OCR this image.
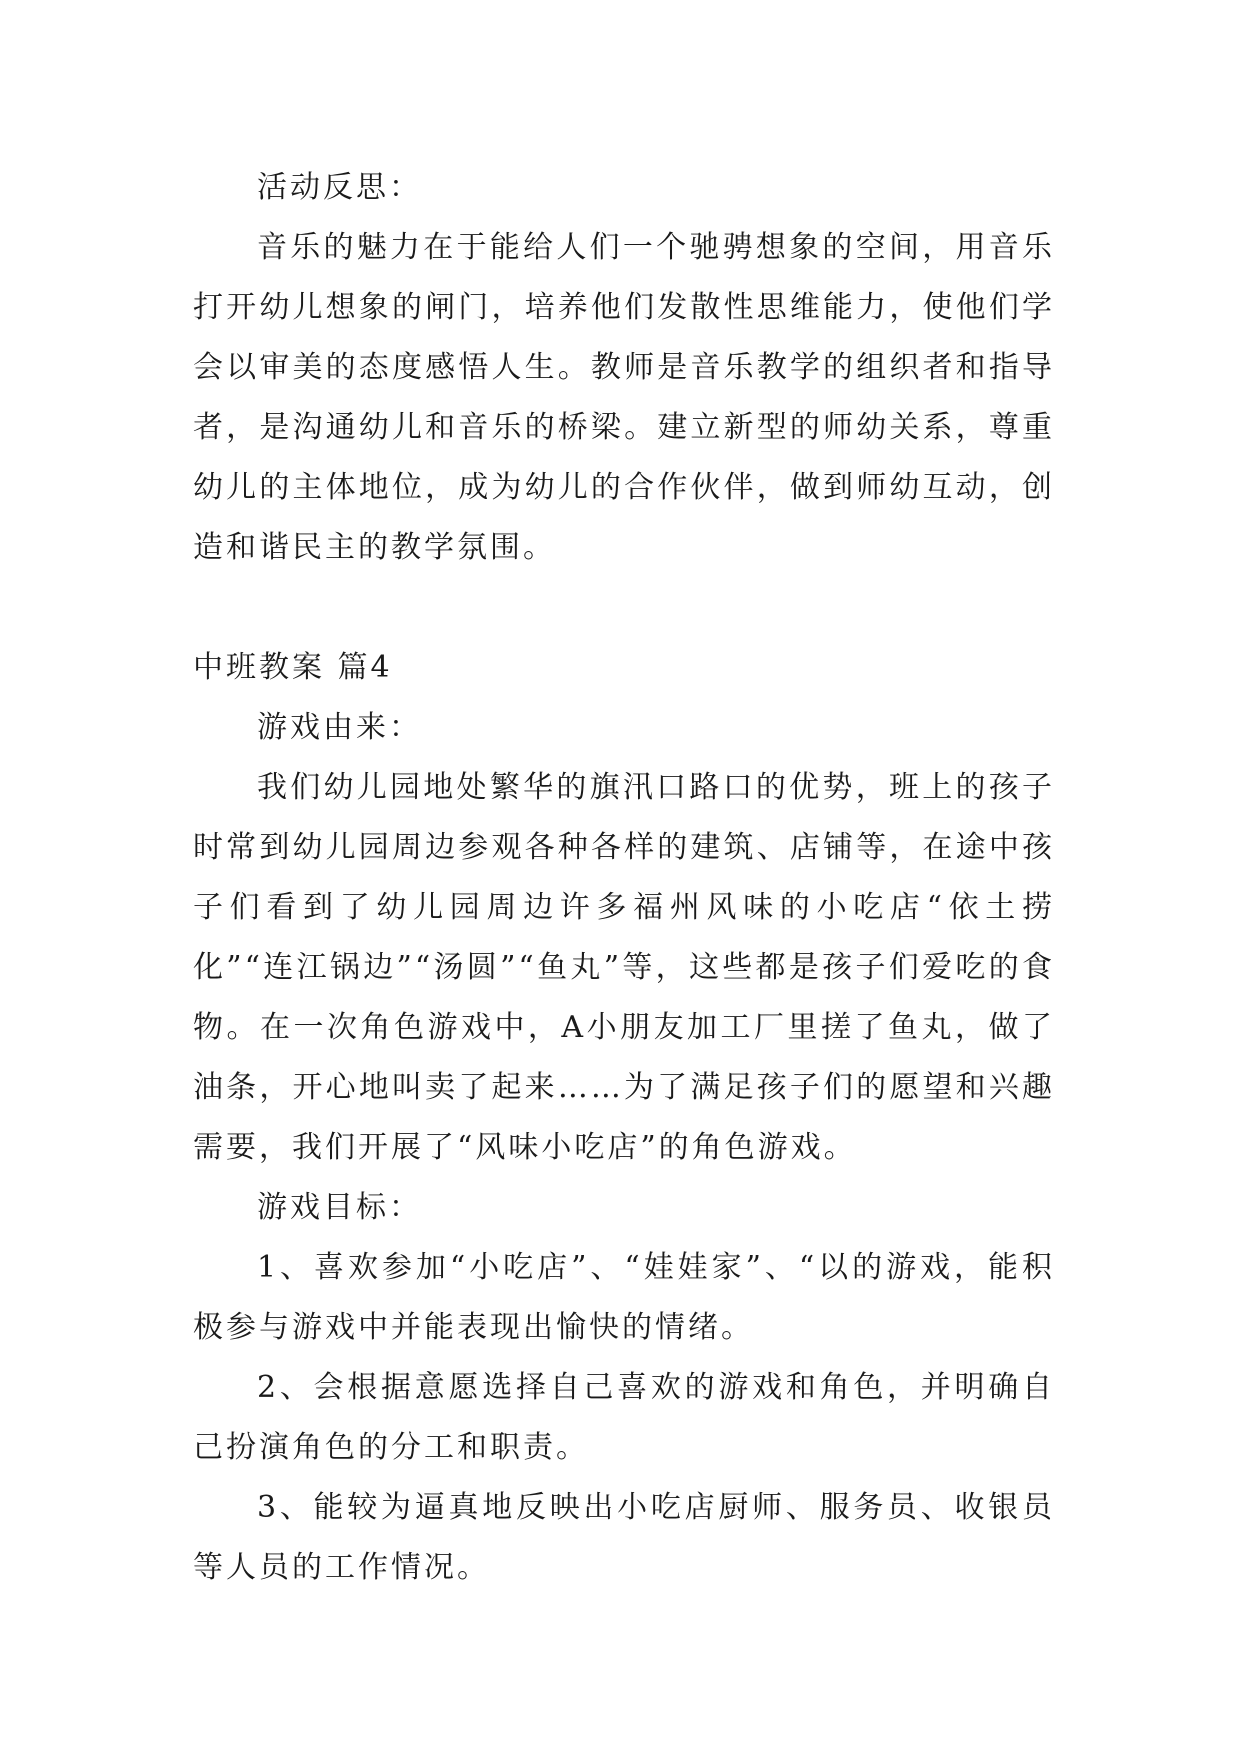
活动反思：

音乐的魅力在于能给人们一个驰骋想象的空间，用音乐打开幼儿想象的闸门，培养他们发散性思维能力，使他们学会以审美的态度感悟人生。教师是音乐教学的组织者和指导者，是沟通幼儿和音乐的桥梁。建立新型的师幼关系，尊重幼儿的主体地位，成为幼儿的合作伙伴，做到师幼互动，创造和谐民主的教学氛围。

中班教案 篇4

游戏由来：

我们幼儿园地处繁华的旗汛口路口的优势，班上的孩子时常到幼儿园周边参观各种各样的建筑、店铺等，在途中孩子们看到了幼儿园周边许多福州风味的小吃店“依土捞化”“连江锅边”“汤圆”“鱼丸”等，这些都是孩子们爱吃的食物。在一次角色游戏中，A小朋友加工厂里搓了鱼丸，做了油条，开心地叫卖了起来……为了满足孩子们的愿望和兴趣需要，我们开展了“风味小吃店”的角色游戏。

游戏目标：

1、喜欢参加“小吃店”、“娃娃家”、“以的游戏，能积极参与游戏中并能表现出愉快的情绪。

2、会根据意愿选择自己喜欢的游戏和角色，并明确自己扮演角色的分工和职责。

3、能较为逼真地反映出小吃店厨师、服务员、收银员等人员的工作情况。
